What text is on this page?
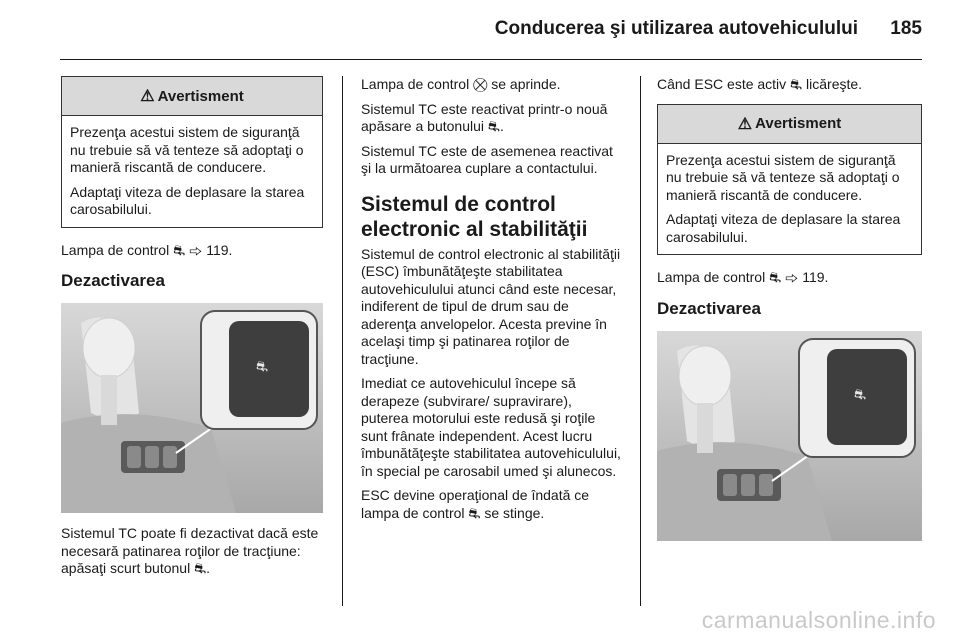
Conducerea şi utilizarea autovehiculului 185
⚠ Avertisment

Prezenţa acestui sistem de siguranţă nu trebuie să vă tenteze să adoptaţi o manieră riscantă de conducere.

Adaptaţi viteza de deplasare la starea carosabilului.

Lampa de control ⛐ ⇨ 119.

Dezactivarea
⛐

Sistemul TC poate fi dezactivat dacă este necesară patinarea roţilor de tracţiune: apăsaţi scurt butonul ⛐.

Lampa de control ⛒ se aprinde.

Sistemul TC este reactivat printr-o nouă apăsare a butonului ⛐.

Sistemul TC este de asemenea reactivat şi la următoarea cuplare a contactului.

Sistemul de control electronic al stabilităţii

Sistemul de control electronic al stabilităţii (ESC) îmbunătăţeşte stabilitatea autovehiculului atunci când este necesar, indiferent de tipul de drum sau de aderenţa anvelopelor. Acesta previne în acelaşi timp şi patinarea roţilor de tracţiune.

Imediat ce autovehiculul începe să derapeze (subvirare/ supravirare), puterea motorului este redusă şi roţile sunt frânate independent. Acest lucru îmbunătăţeşte stabilitatea autovehiculului, în special pe carosabil umed şi alunecos.

ESC devine operaţional de îndată ce lampa de control ⛐ se stinge.

Când ESC este activ ⛐ licăreşte.

⚠ Avertisment

Prezenţa acestui sistem de siguranţă nu trebuie să vă tenteze să adoptaţi o manieră riscantă de conducere.

Adaptaţi viteza de deplasare la starea carosabilului.

Lampa de control ⛐ ⇨ 119.

Dezactivarea
⛐
carmanualsonline.info
